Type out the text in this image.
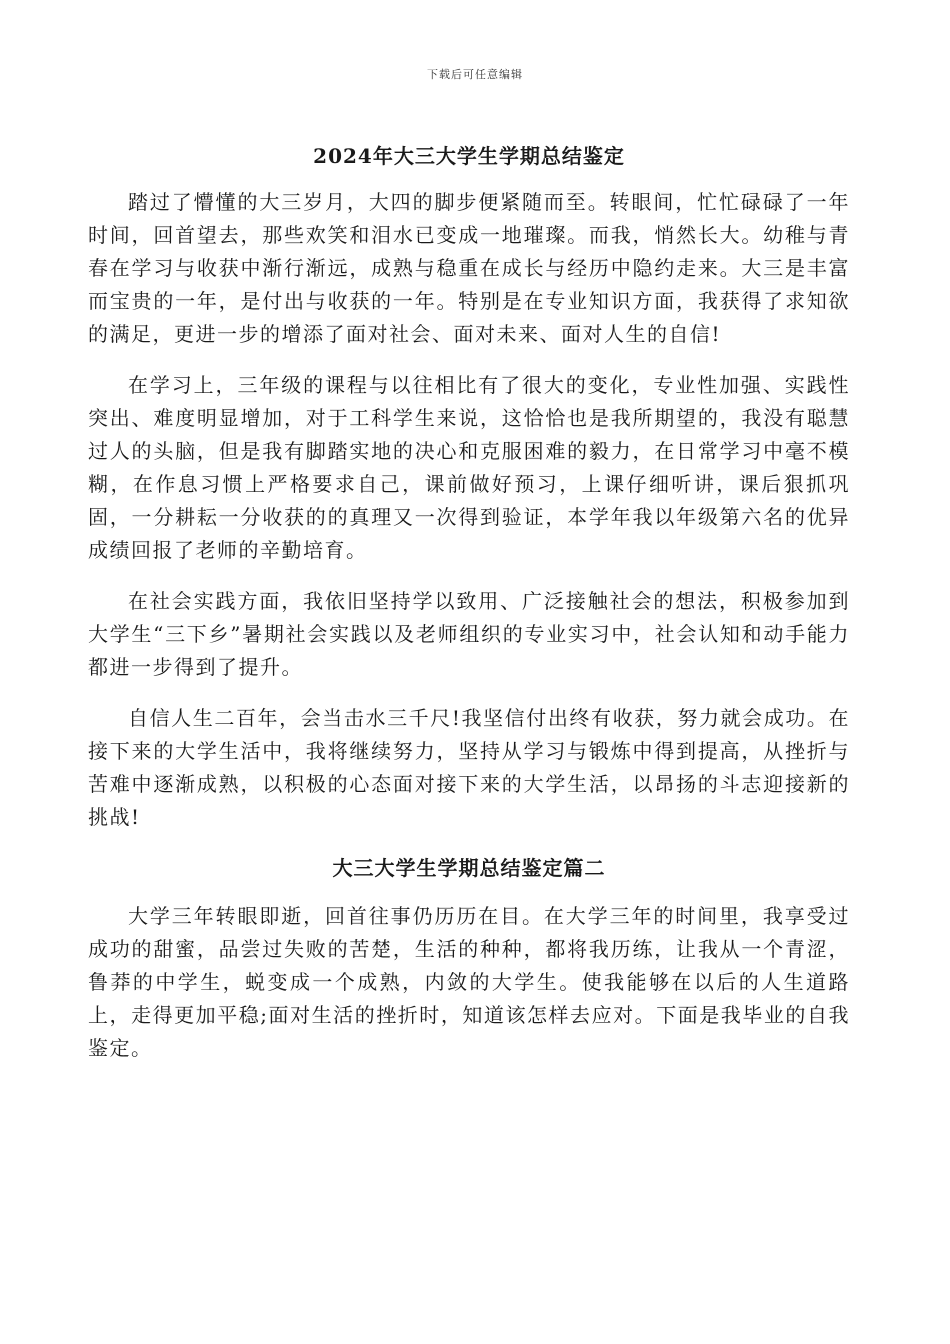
下载后可任意编辑
2024年大三大学生学期总结鉴定

踏过了懵懂的大三岁月，大四的脚步便紧随而至。转眼间，忙忙碌碌了一年时间，回首望去，那些欢笑和泪水已变成一地璀璨。而我，悄然长大。幼稚与青春在学习与收获中渐行渐远，成熟与稳重在成长与经历中隐约走来。大三是丰富而宝贵的一年，是付出与收获的一年。特别是在专业知识方面，我获得了求知欲的满足，更进一步的增添了面对社会、面对未来、面对人生的自信!

在学习上，三年级的课程与以往相比有了很大的变化，专业性加强、实践性突出、难度明显增加，对于工科学生来说，这恰恰也是我所期望的，我没有聪慧过人的头脑，但是我有脚踏实地的决心和克服困难的毅力，在日常学习中毫不模糊，在作息习惯上严格要求自己，课前做好预习，上课仔细听讲，课后狠抓巩固，一分耕耘一分收获的的真理又一次得到验证，本学年我以年级第六名的优异成绩回报了老师的辛勤培育。

在社会实践方面，我依旧坚持学以致用、广泛接触社会的想法，积极参加到大学生“三下乡”暑期社会实践以及老师组织的专业实习中，社会认知和动手能力都进一步得到了提升。

自信人生二百年，会当击水三千尺!我坚信付出终有收获，努力就会成功。在接下来的大学生活中，我将继续努力，坚持从学习与锻炼中得到提高，从挫折与苦难中逐渐成熟，以积极的心态面对接下来的大学生活，以昂扬的斗志迎接新的挑战!

大三大学生学期总结鉴定篇二

大学三年转眼即逝，回首往事仍历历在目。在大学三年的时间里，我享受过成功的甜蜜，品尝过失败的苦楚，生活的种种，都将我历练，让我从一个青涩，鲁莽的中学生，蜕变成一个成熟，内敛的大学生。使我能够在以后的人生道路上，走得更加平稳;面对生活的挫折时，知道该怎样去应对。下面是我毕业的自我鉴定。
